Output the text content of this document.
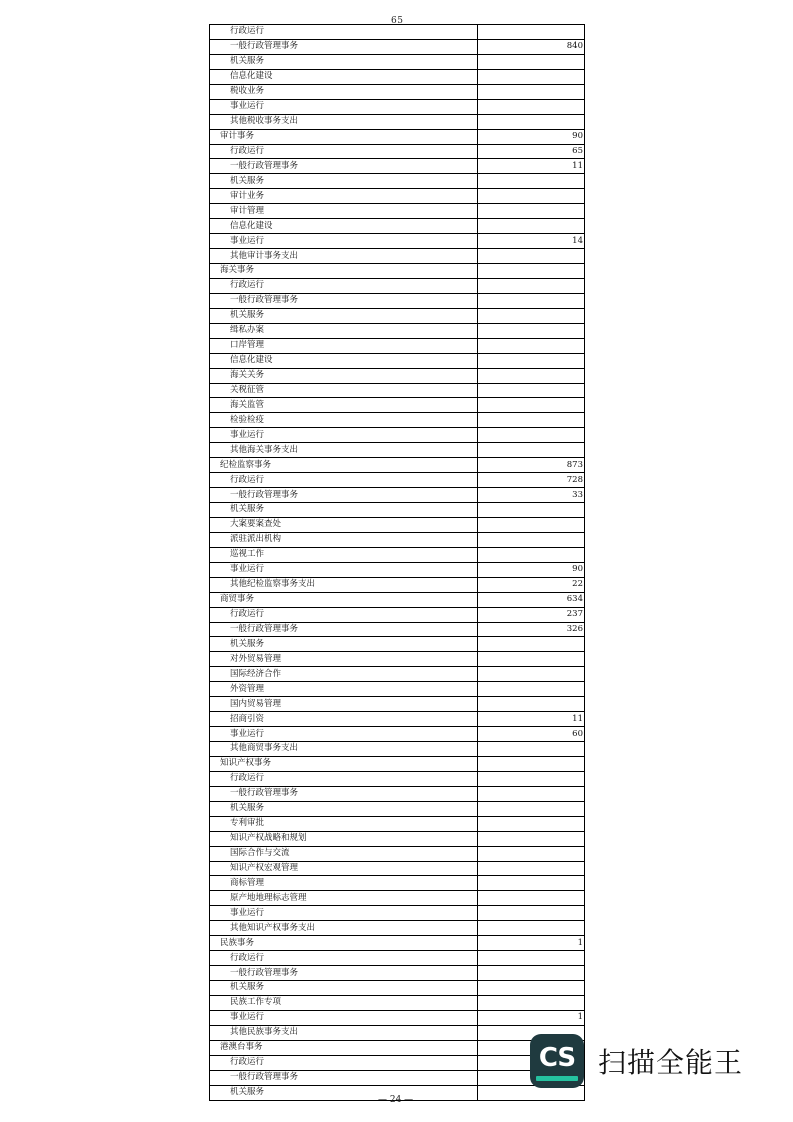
65
行政运行	
一般行政管理事务	840
机关服务	
信息化建设	
税收业务	
事业运行	
其他税收事务支出	
审计事务	90
行政运行	65
一般行政管理事务	11
机关服务	
审计业务	
审计管理	
信息化建设	
事业运行	14
其他审计事务支出	
海关事务	
行政运行	
一般行政管理事务	
机关服务	
缉私办案	
口岸管理	
信息化建设	
海关关务	
关税征管	
海关监管	
检验检疫	
事业运行	
其他海关事务支出	
纪检监察事务	873
行政运行	728
一般行政管理事务	33
机关服务	
大案要案查处	
派驻派出机构	
巡视工作	
事业运行	90
其他纪检监察事务支出	22
商贸事务	634
行政运行	237
一般行政管理事务	326
机关服务	
对外贸易管理	
国际经济合作	
外资管理	
国内贸易管理	
招商引资	11
事业运行	60
其他商贸事务支出	
知识产权事务	
行政运行	
一般行政管理事务	
机关服务	
专利审批	
知识产权战略和规划	
国际合作与交流	
知识产权宏观管理	
商标管理	
原产地地理标志管理	
事业运行	
其他知识产权事务支出	
民族事务	1
行政运行	
一般行政管理事务	
机关服务	
民族工作专项	
事业运行	1
其他民族事务支出	
港澳台事务	
行政运行	
一般行政管理事务	
机关服务	
— 24 —
CS 扫描全能王
